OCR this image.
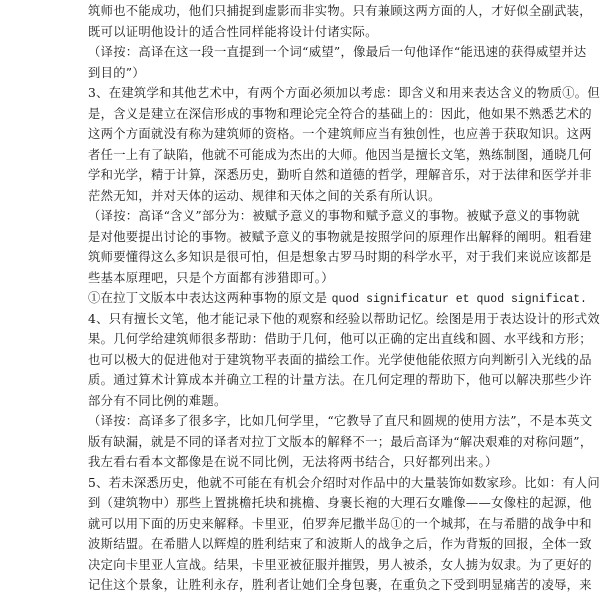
筑师也不能成功，他们只捕捉到虚影而非实物。只有兼顾这两方面的人，才好似全副武装，
既可以证明他设计的适合性同样能将设计付诸实际。
（译按：高译在这一段一直提到一个词“威望”，像最后一句他译作“能迅速的获得威望并达
到目的”）
3、在建筑学和其他艺术中，有两个方面必须加以考虑：即含义和用来表达含义的物质①。但
是，含义是建立在深信形成的事物和理论完全符合的基础上的：因此，他如果不熟悉艺术的
这两个方面就没有称为建筑师的资格。一个建筑师应当有独创性，也应善于获取知识。这两
者任一上有了缺陷，他就不可能成为杰出的大师。他因当是擅长文笔，熟练制图，通晓几何
学和光学，精于计算，深悉历史，勤听自然和道德的哲学，理解音乐，对于法律和医学并非
茫然无知，并对天体的运动、规律和天体之间的关系有所认识。
（译按：高译“含义”部分为：被赋予意义的事物和赋予意义的事物。被赋予意义的事物就
是对他要提出讨论的事物。被赋予意义的事物就是按照学问的原理作出解释的阐明。粗看建
筑师要懂得这么多知识是很可怕，但是想象古罗马时期的科学水平，对于我们来说应该都是
些基本原理吧，只是个方面都有涉猎即可。）
①在拉丁文版本中表达这两种事物的原文是 quod significatur et quod significat.
4、只有擅长文笔，他才能记录下他的观察和经验以帮助记忆。绘图是用于表达设计的形式效
果。几何学给建筑师很多帮助：借助于几何，他可以正确的定出直线和圆、水平线和方形；
也可以极大的促进他对于建筑物平表面的描绘工作。光学使他能依照方向判断引入光线的品
质。通过算术计算成本并确立工程的计量方法。在几何定理的帮助下，他可以解决那些少许
部分有不同比例的难题。
（译按：高译多了很多字，比如几何学里，“它教导了直尺和圆规的使用方法”，不是本英文
版有缺漏，就是不同的译者对拉丁文版本的解释不一；最后高译为“解决艰难的对称问题”，
我左看右看本文都像是在说不同比例，无法将两书结合，只好都列出来。）
5、若未深悉历史，他就不可能在有机会介绍时对作品中的大量装饰如数家珍。比如：有人问
到（建筑物中）那些上置挑檐托块和挑檐、身裹长袍的大理石女雕像——女像柱的起源，他
就可以用下面的历史来解释。卡里亚，伯罗奔尼撒半岛①的一个城邦，在与希腊的战争中和
波斯结盟。在希腊人以辉煌的胜利结束了和波斯人的战争之后，作为背叛的回报，全体一致
决定向卡里亚人宣战。结果，卡里亚被征服并摧毁，男人被杀，女人掳为奴隶。为了更好的
记住这个景象，让胜利永存，胜利者让她们全身包裹，在重负之下受到明显痛苦的凌辱，来
